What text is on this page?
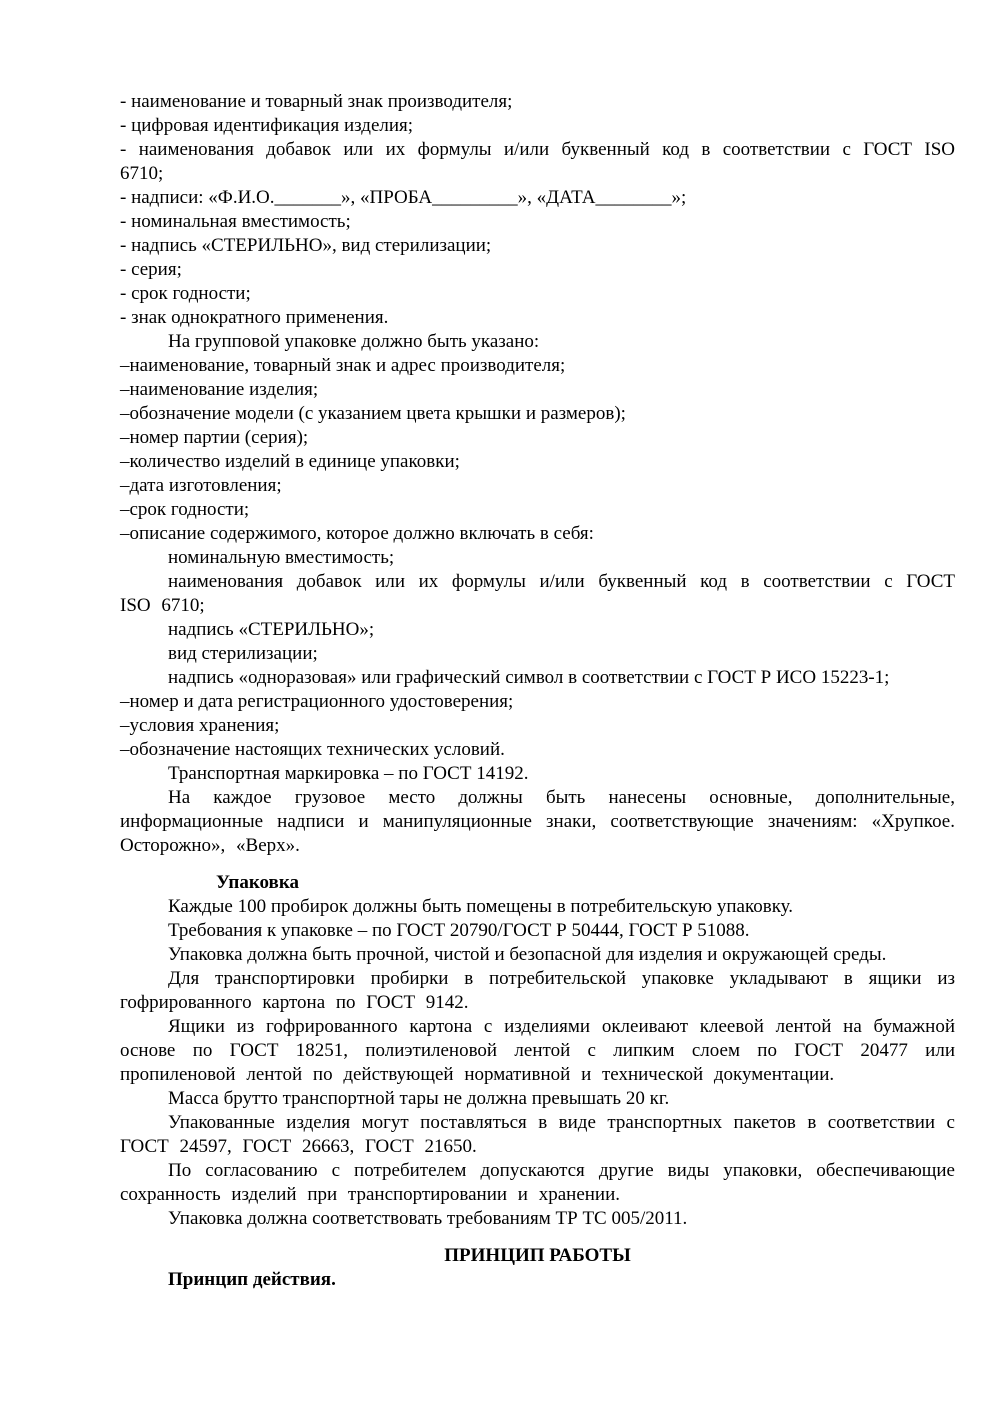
- наименование и товарный знак производителя;

- цифровая идентификация изделия;

- наименования добавок или их формулы и/или буквенный код в соответствии с ГОСТ ISO 6710;

- надписи: «Ф.И.О._______», «ПРОБА_________», «ДАТА________»;

- номинальная вместимость;

- надпись «СТЕРИЛЬНО», вид стерилизации;

- серия;

- срок годности;

- знак однократного применения.

На групповой упаковке должно быть указано:

–наименование, товарный знак и адрес производителя;

–наименование изделия;

–обозначение модели (с указанием цвета крышки и размеров);

–номер партии (серия);

–количество изделий в единице упаковки;

–дата изготовления;

–срок годности;

–описание содержимого, которое должно включать в себя:

номинальную вместимость;

наименования добавок или их формулы и/или буквенный код в соответствии с ГОСТ ISO 6710;

надпись «СТЕРИЛЬНО»;

вид стерилизации;

надпись «одноразовая» или графический символ в соответствии с ГОСТ Р ИСО 15223-1;

–номер и дата регистрационного удостоверения;

–условия хранения;

–обозначение настоящих технических условий.

Транспортная маркировка – по ГОСТ 14192.

На каждое грузовое место должны быть нанесены основные, дополнительные, информационные надписи и манипуляционные знаки, соответствующие значениям: «Хрупкое. Осторожно», «Верх».

Упаковка

Каждые 100 пробирок должны быть помещены в потребительскую упаковку.

Требования к упаковке – по ГОСТ 20790/ГОСТ Р 50444, ГОСТ Р 51088.

Упаковка должна быть прочной, чистой и безопасной для изделия и окружающей среды.

Для транспортировки пробирки в потребительской упаковке укладывают в ящики из гофрированного картона по ГОСТ 9142.

Ящики из гофрированного картона с изделиями оклеивают клеевой лентой на бумажной основе по ГОСТ 18251, полиэтиленовой лентой с липким слоем по ГОСТ 20477 или пропиленовой лентой по действующей нормативной и технической документации.

Масса брутто транспортной тары не должна превышать 20 кг.

Упакованные изделия могут поставляться в виде транспортных пакетов в соответствии с ГОСТ 24597, ГОСТ 26663, ГОСТ 21650.

По согласованию с потребителем допускаются другие виды упаковки, обеспечивающие сохранность изделий при транспортировании и хранении.

Упаковка должна соответствовать требованиям ТР ТС 005/2011.

ПРИНЦИП РАБОТЫ

Принцип действия.
